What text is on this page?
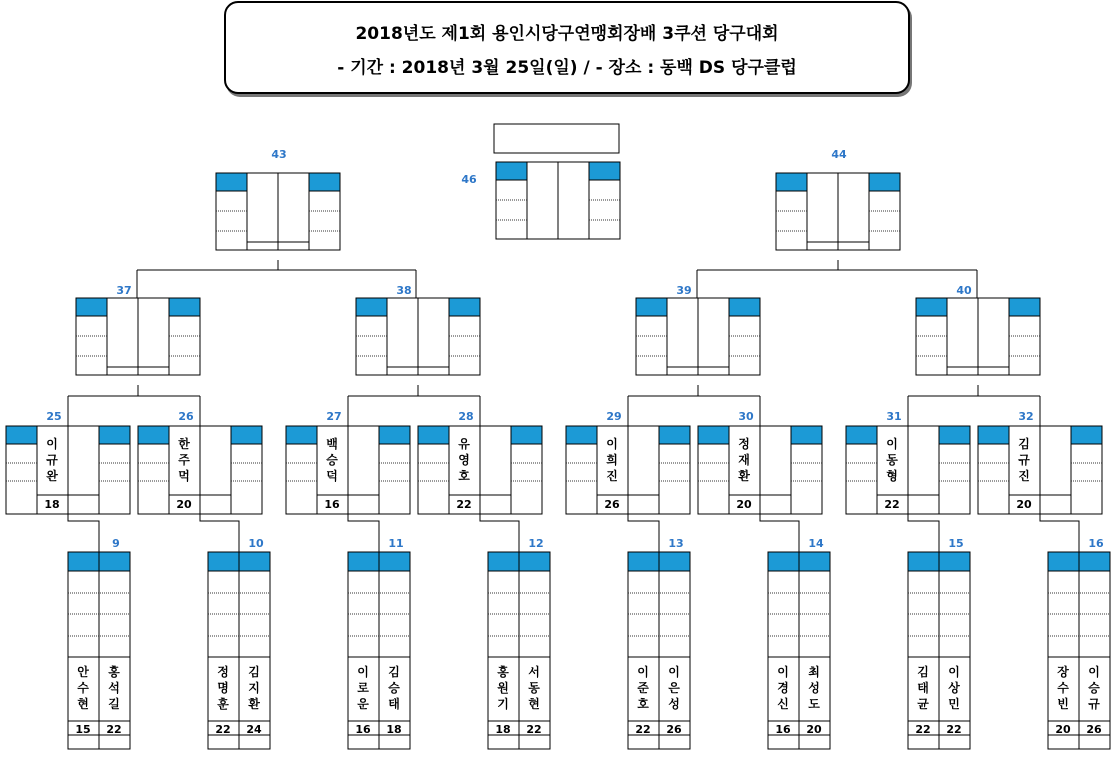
2018년도 제1회 용인시당구연맹회장배 3쿠션 당구대회
- 기간 : 2018년 3월 25일(일) / - 장소 : 동백 DS 당구클럽
46
43	44
37	38	39	40
25
이
규
완
18
26
한
주
먹
20
27
백
승
덕
16
28
유
영
호
22
29
이
희
진
26
30
정
재
환
20
31
이
동
형
22
32
김
규
진
20
9
안
수
현
홍
석
길
15 22
10
정
명
훈
김
지
환
22 24
11
이
로
운
김
승
태
16 18
12
홍
원
기
서
동
현
18 22
13
이
준
호
이
은
성
22 26
14
이
경
신
최
성
도
16 20
15
김
태
균
이
상
민
22 22
16
장
수
빈
이
승
규
20 26
